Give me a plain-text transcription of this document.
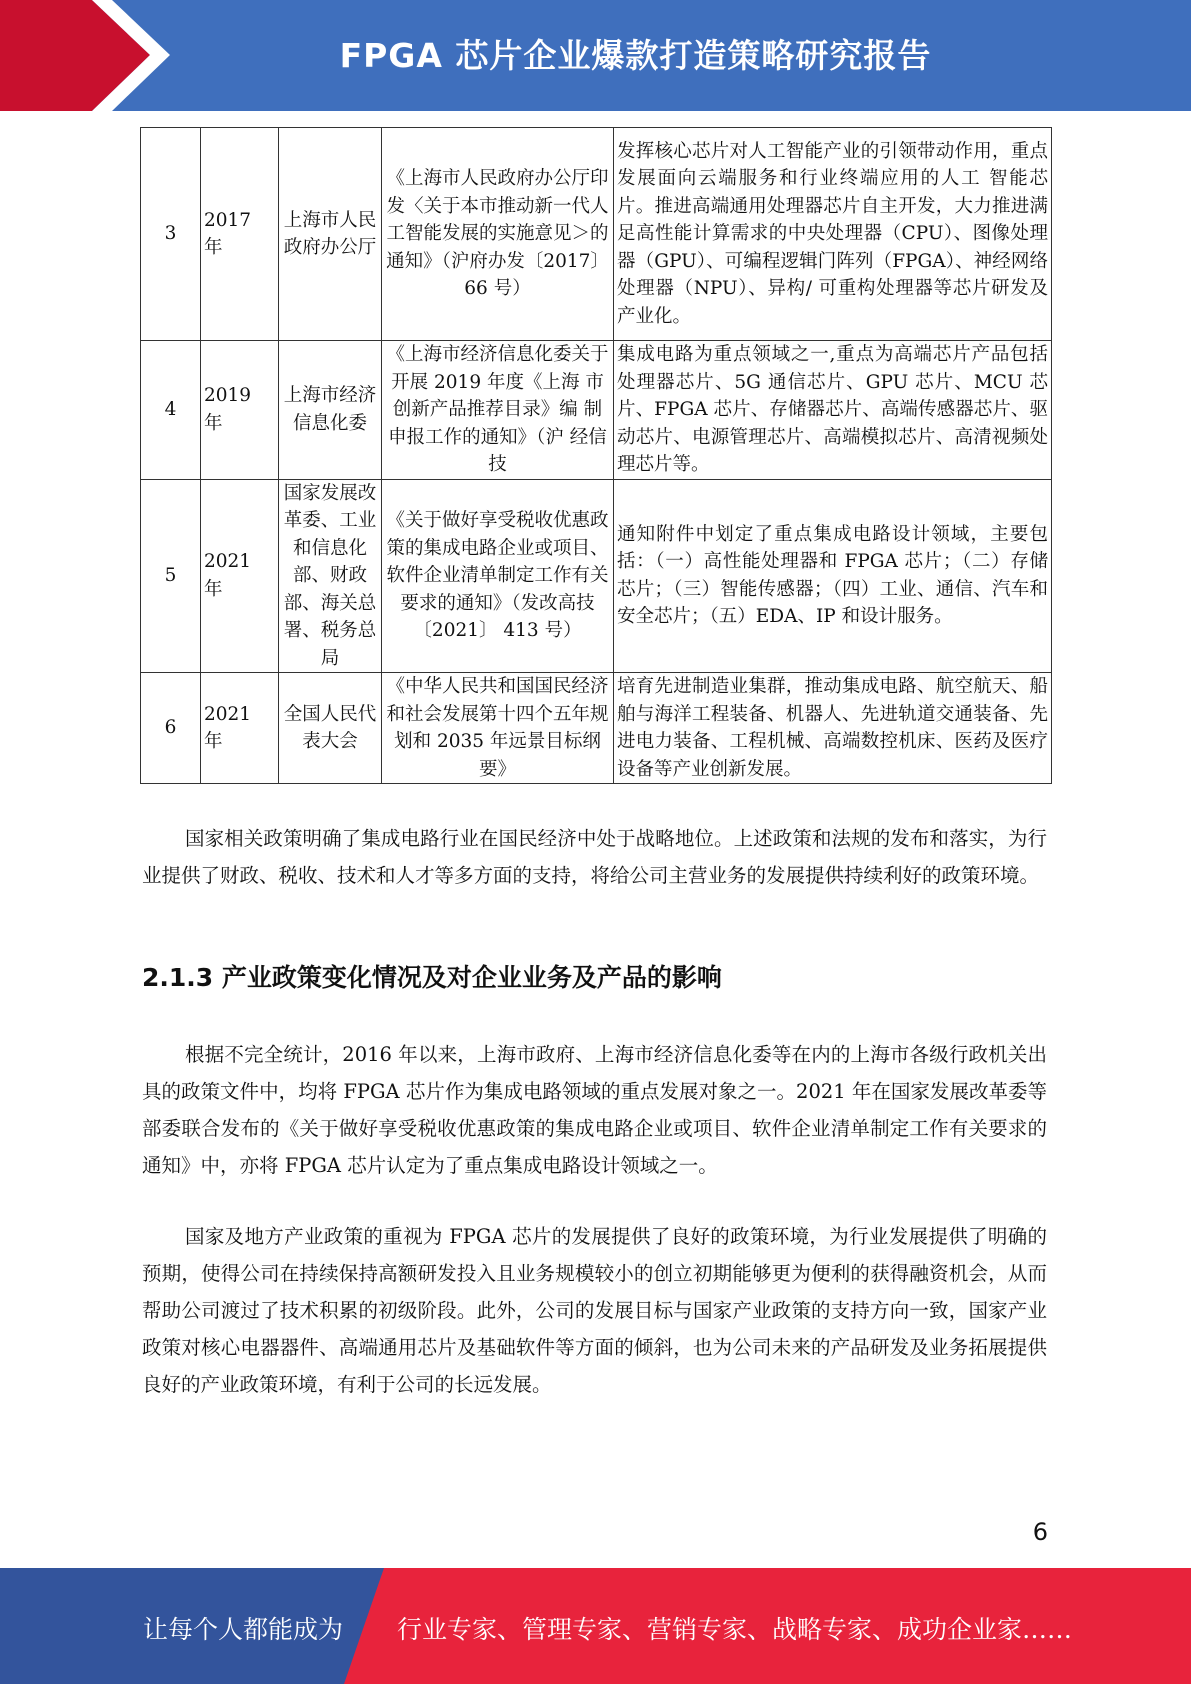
FPGA 芯片企业爆款打造策略研究报告
3	2017 年	上海市人民政府办公厅	《上海市人民政府办公厅印发〈关于本市推动新一代人工智能发展的实施意见＞的通知》（沪府办发〔2017〕 66 号）	发挥核心芯片对人工智能产业的引领带动作用，重点发展面向云端服务和行业终端应用的人工 智能芯片。推进高端通用处理器芯片自主开发，大力推进满足高性能计算需求的中央处理器（CPU）、图像处理器（GPU）、可编程逻辑门阵列（FPGA）、神经网络处理器（NPU）、异构/ 可重构处理器等芯片研发及产业化。
4	2019 年	上海市经济信息化委	《上海市经济信息化委关于开展 2019 年度《上海 市创新产品推荐目录》编 制申报工作的通知》（沪 经信技	集成电路为重点领域之一,重点为高端芯片产品包括处理器芯片、5G 通信芯片、GPU 芯片、MCU 芯片、FPGA 芯片、存储器芯片、高端传感器芯片、驱动芯片、电源管理芯片、高端模拟芯片、高清视频处理芯片等。
5	2021 年	国家发展改革委、工业和信息化部、财政部、海关总署、税务总局	《关于做好享受税收优惠政策的集成电路企业或项目、软件企业清单制定工作有关要求的通知》（发改高技〔2021〕 413 号）	通知附件中划定了重点集成电路设计领域，主要包括：（一）高性能处理器和 FPGA 芯片；（二）存储芯片；（三）智能传感器；（四）工业、通信、汽车和安全芯片；（五）EDA、IP 和设计服务。
6	2021 年	全国人民代表大会	《中华人民共和国国民经济和社会发展第十四个五年规划和 2035 年远景目标纲要》	培育先进制造业集群，推动集成电路、航空航天、船舶与海洋工程装备、机器人、先进轨道交通装备、先进电力装备、工程机械、高端数控机床、医药及医疗设备等产业创新发展。

国家相关政策明确了集成电路行业在国民经济中处于战略地位。上述政策和法规的发布和落实，为行业提供了财政、税收、技术和人才等多方面的支持，将给公司主营业务的发展提供持续利好的政策环境。

2.1.3 产业政策变化情况及对企业业务及产品的影响

根据不完全统计，2016 年以来，上海市政府、上海市经济信息化委等在内的上海市各级行政机关出具的政策文件中，均将 FPGA 芯片作为集成电路领域的重点发展对象之一。2021 年在国家发展改革委等部委联合发布的《关于做好享受税收优惠政策的集成电路企业或项目、软件企业清单制定工作有关要求的通知》中，亦将 FPGA 芯片认定为了重点集成电路设计领域之一。

国家及地方产业政策的重视为 FPGA 芯片的发展提供了良好的政策环境，为行业发展提供了明确的预期，使得公司在持续保持高额研发投入且业务规模较小的创立初期能够更为便利的获得融资机会，从而帮助公司渡过了技术积累的初级阶段。此外，公司的发展目标与国家产业政策的支持方向一致，国家产业政策对核心电器器件、高端通用芯片及基础软件等方面的倾斜，也为公司未来的产品研发及业务拓展提供良好的产业政策环境，有利于公司的长远发展。

6
让每个人都能成为 行业专家、管理专家、营销专家、战略专家、成功企业家……
